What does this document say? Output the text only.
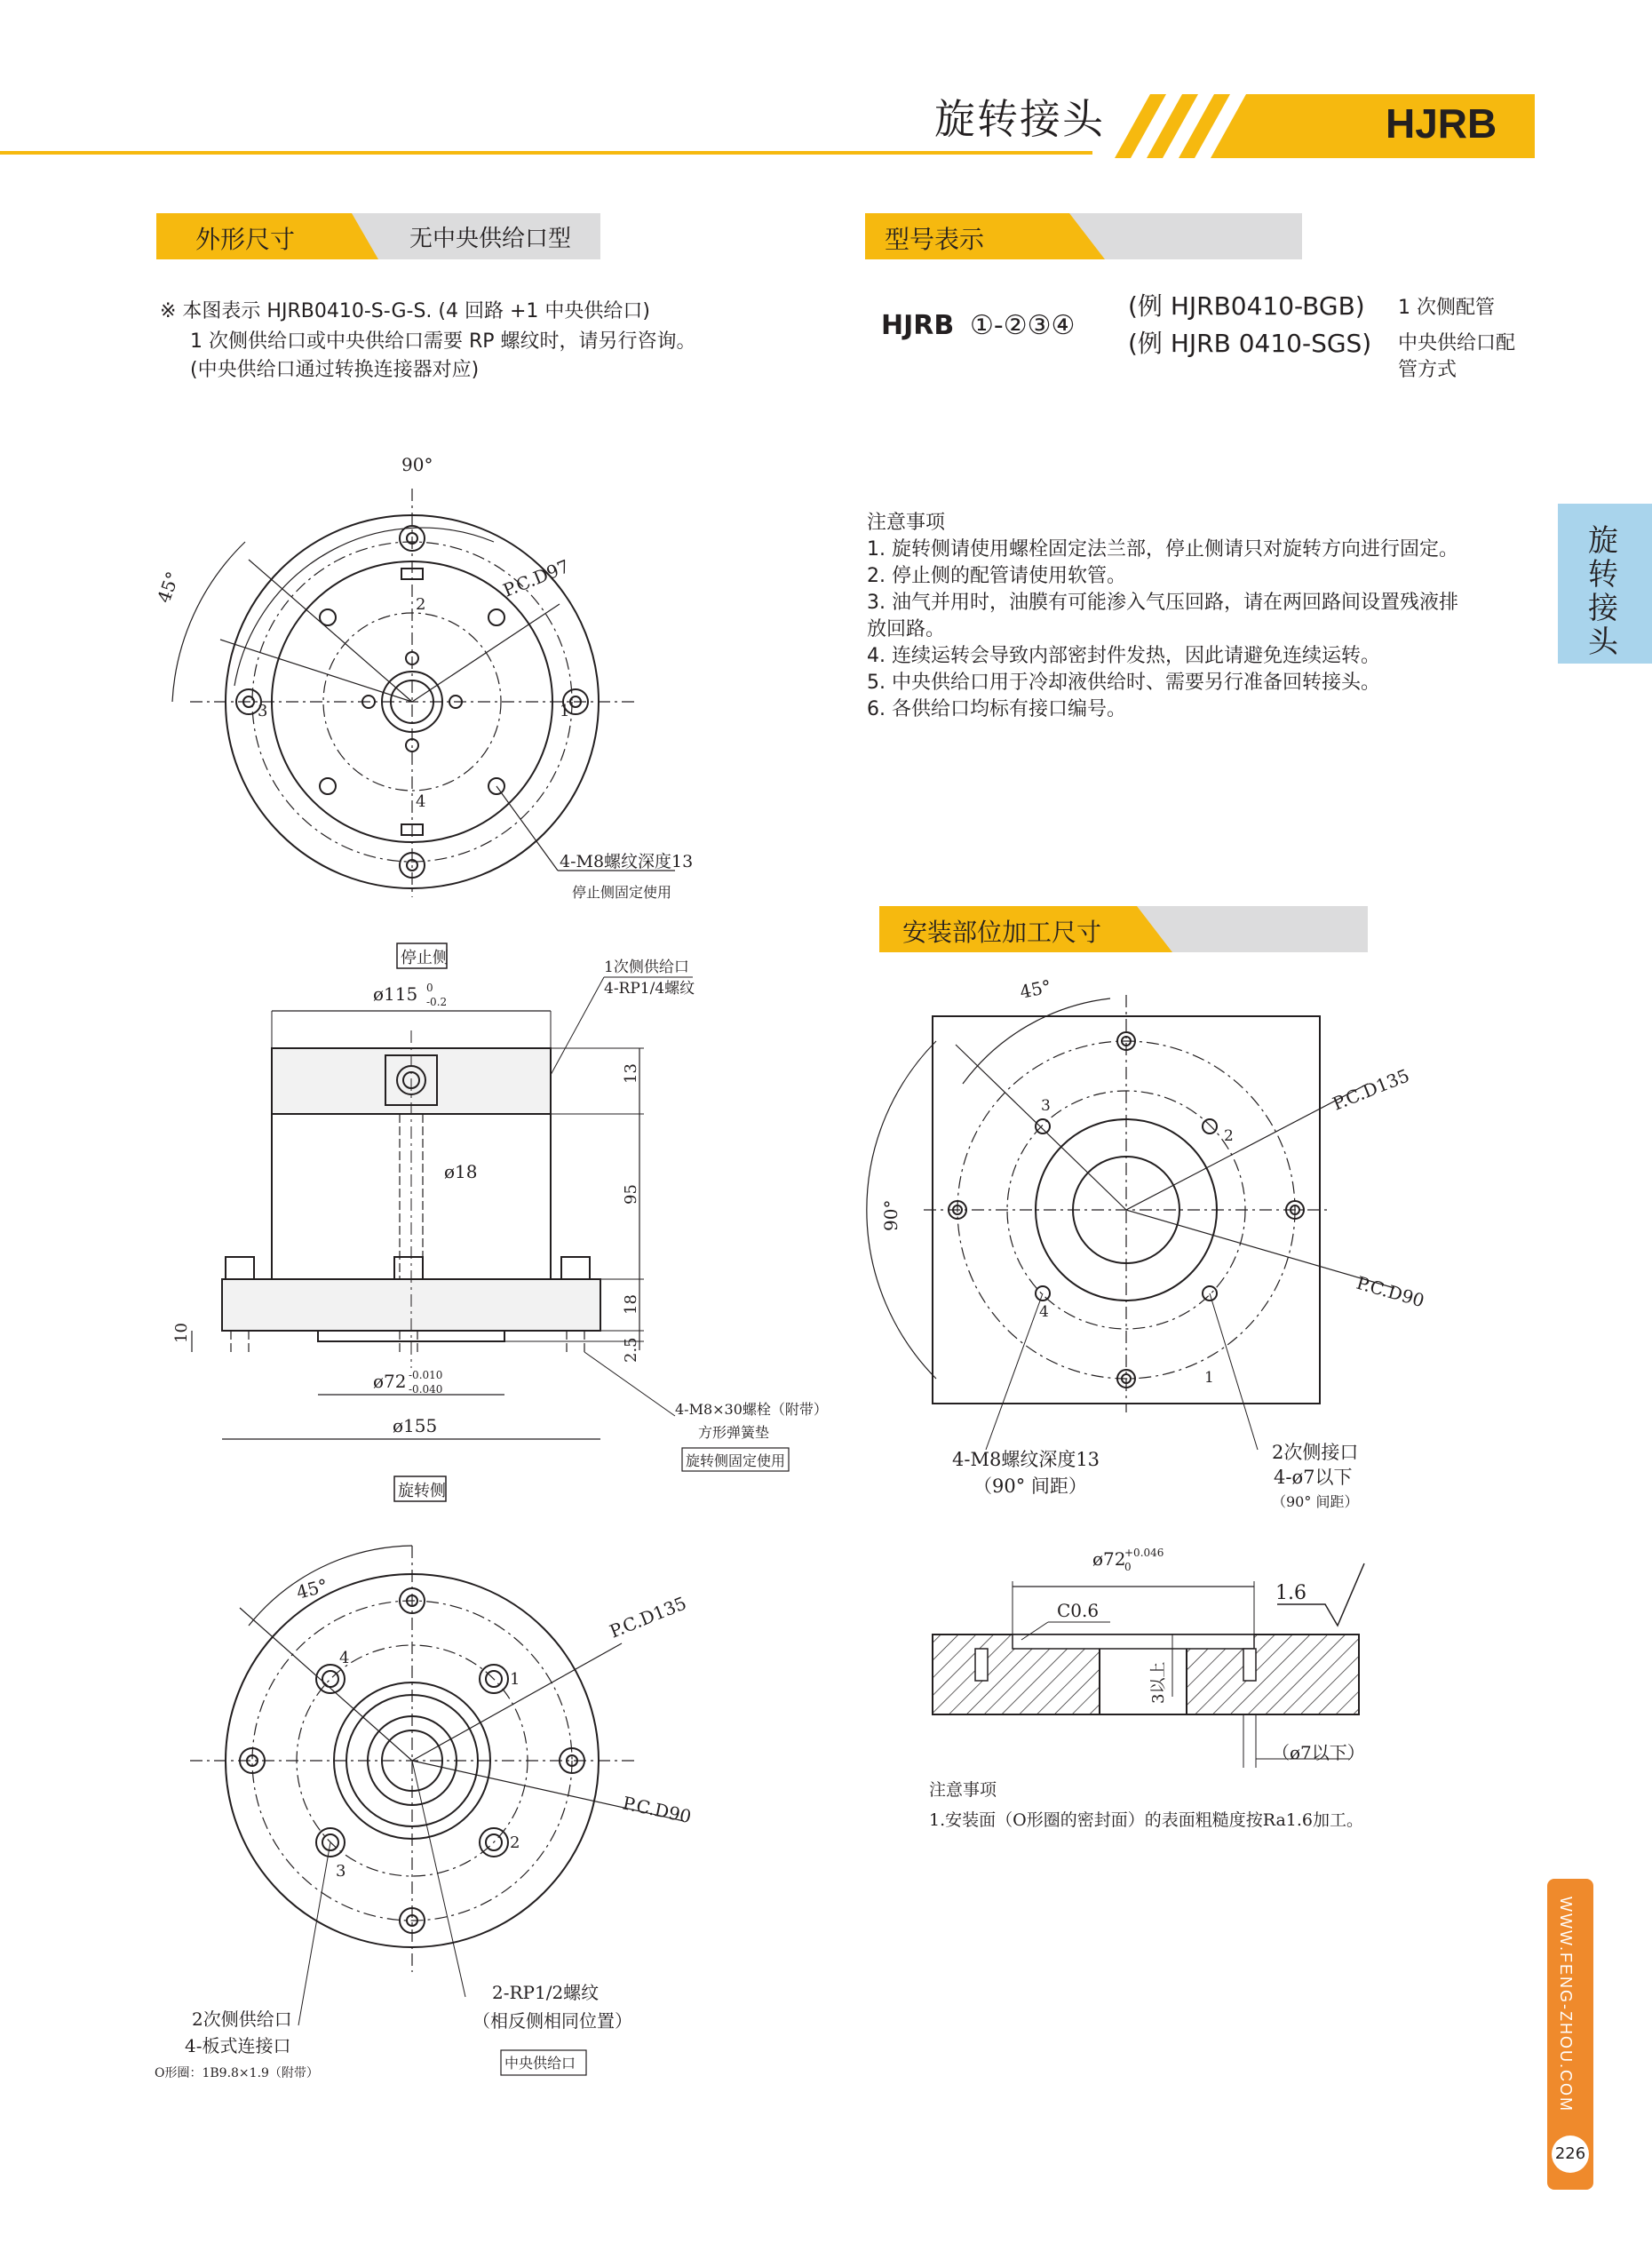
旋转接头	HJRB
旋转接头
外形尺寸	无中央供给口型	型号表示
※ 本图表示 HJRB0410-S-G-S. (4 回路 +1 中央供给口)
1 次侧供给口或中央供给口需要 RP 螺纹时，请另行咨询。
(中央供给口通过转换连接器对应)
HJRB ①-②③④
(例 HJRB0410-BGB)
(例 HJRB 0410-SGS)
1 次侧配管
中央供给口配
管方式
注意事项
1. 旋转侧请使用螺栓固定法兰部，停止侧请只对旋转方向进行固定。
2. 停止侧的配管请使用软管。
3. 油气并用时，油膜有可能渗入气压回路，请在两回路间设置残液排
放回路。
4. 连续运转会导致内部密封件发热，因此请避免连续运转。
5. 中央供给口用于冷却液供给时、需要另行准备回转接头。
6. 各供给口均标有接口编号。
安装部位加工尺寸
90°
45°	P.C.D97
1
2
3
4
4-M8螺纹深度13
停止侧固定使用
停止侧
ø115 0
-0.2
1次侧供给口
4-RP1/4螺纹
13
95
18
2.5
10
ø18
ø72 -0.010
-0.040
ø155
4-M8×30螺栓（附带）
方形弹簧垫
旋转侧固定使用
旋转侧
45°
P.C.D135
P.C.D90
1
2
3
4
2次侧供给口
4-板式连接口
O形圈：1B9.8×1.9（附带）
2-RP1/2螺纹
（相反侧相同位置）
中央供给口
45°
90°
P.C.D135
P.C.D90
1
2
3
4
4-M8螺纹深度13
（90° 间距）
2次侧接口
4-ø7以下
（90° 间距）
ø72
+0.046
0
C0.6
1.6
3以上
（ø7以下）
注意事项
1.安装面（O形圈的密封面）的表面粗糙度按Ra1.6加工。
WWW.FENG-ZHOU.COM
226
